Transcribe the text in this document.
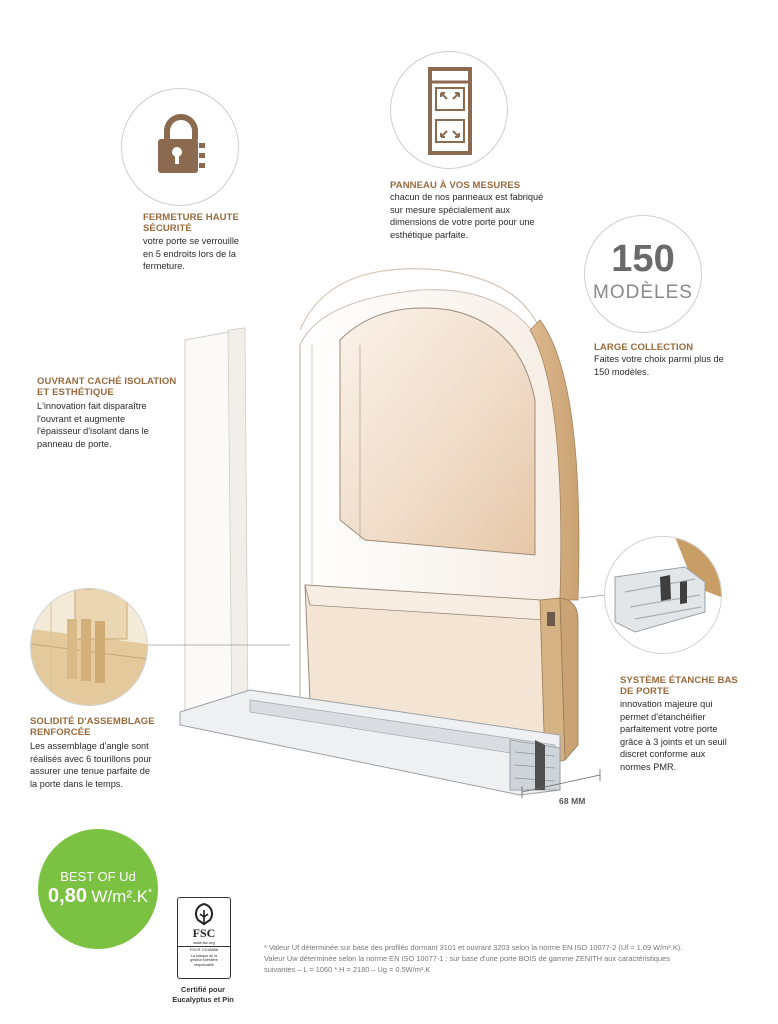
FERMETURE HAUTE
SÉCURITÉ
votre porte se verrouille
en 5 endroits lors de la
fermeture.
PANNEAU À VOS MESURES
chacun de nos panneaux est fabriqué
sur mesure spécialement aux
dimensions de votre porte pour une
esthétique parfaite.
150
MODÈLES
LARGE COLLECTION
Faites votre choix parmi plus de
150 modèles.
OUVRANT CACHÉ ISOLATION
ET ESTHÉTIQUE
L'innovation fait disparaître
l'ouvrant et augmente
l'épaisseur d'isolant dans le
panneau de porte.
SOLIDITÉ D'ASSEMBLAGE
RENFORCÉE
Les assemblage d'angle sont
réalisés avec 6 tourillons pour
assurer une tenue parfaite de
la porte dans le temps.
SYSTÈME ÉTANCHE BAS
DE PORTE
innovation majeure qui
permet d'étanchéifier
parfaitement votre porte
grâce à 3 joints et un seuil
discret conforme aux
normes PMR.
68 MM
BEST OF Ud
0,80 W/m².K*
FSC
www.fsc.org
FSC® C018856
La marque de la
gestion forestière
responsable
Certifié pour
Eucalyptus et Pin
* Valeur Uf déterminée sur base des profilés dormant 3101 et ouvrant 3203 selon la norme EN ISO 10077-2 (Uf = 1.09 W/m².K).
Valeur Uw déterminée selon la norme EN ISO 10077-1 : sur base d'une porte BOIS de gamme ZENITH aux caractéristiques
suivantes – L = 1060 * H = 2180 – Ug = 0.5W/m².K
